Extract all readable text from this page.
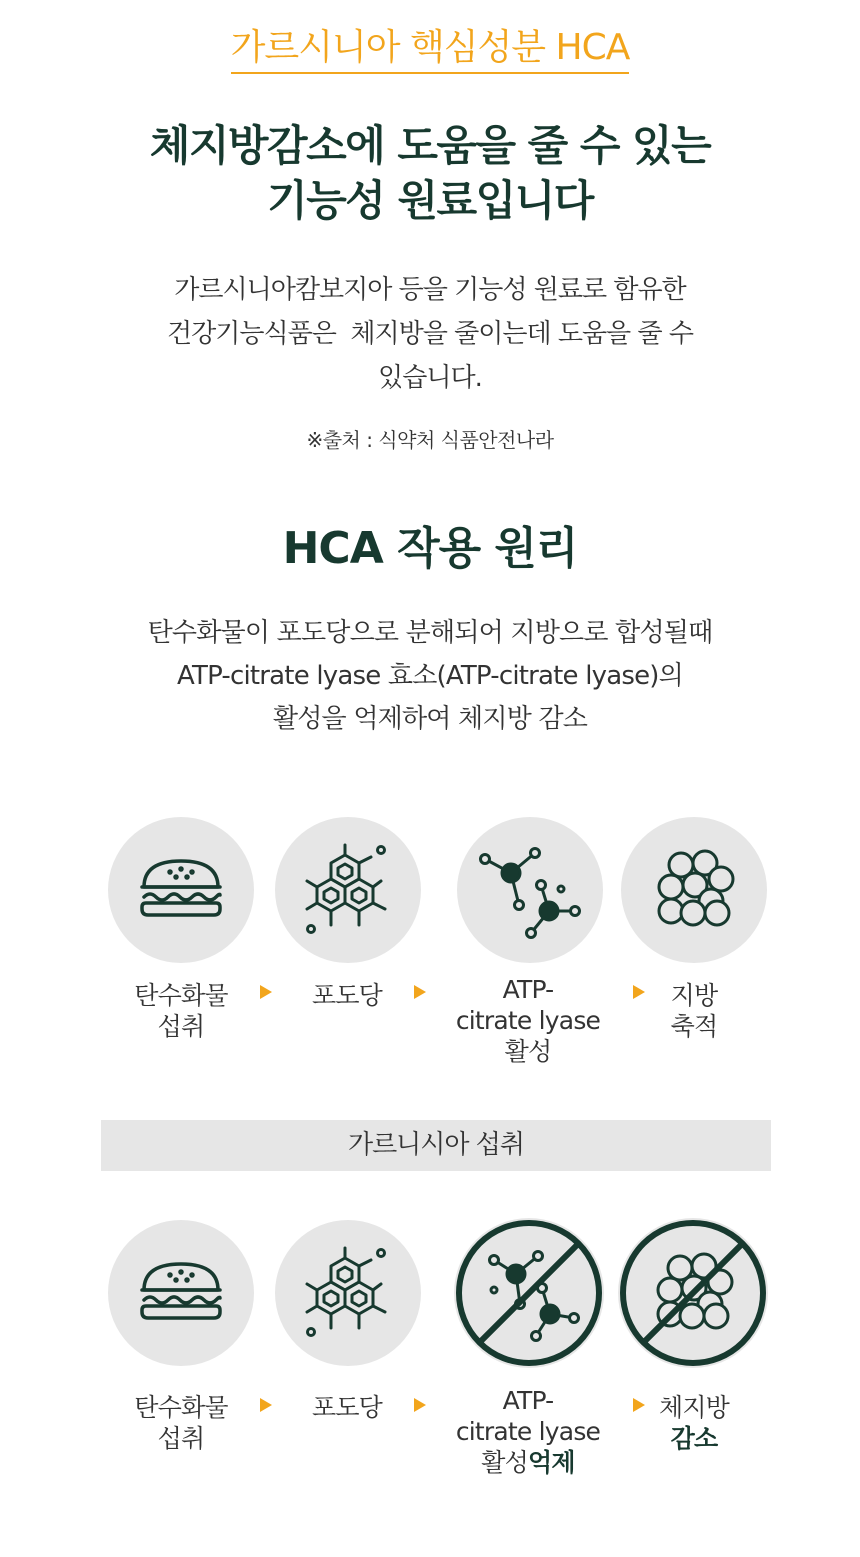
가르시니아 핵심성분 HCA
체지방감소에 도움을 줄 수 있는
기능성 원료입니다
가르시니아캄보지아 등을 기능성 원료로 함유한
건강기능식품은  체지방을 줄이는데 도움을 줄 수
있습니다.
※출처 : 식약처 식품안전나라
HCA 작용 원리
탄수화물이 포도당으로 분해되어 지방으로 합성될때
ATP-citrate lyase 효소(ATP-citrate lyase)의
활성을 억제하여 체지방 감소
탄수화물
섭취
포도당	ATP-
citrate lyase
활성
지방
축적
가르니시아 섭취
탄수화물
섭취
포도당	ATP-
citrate lyase
활성억제
체지방
감소
